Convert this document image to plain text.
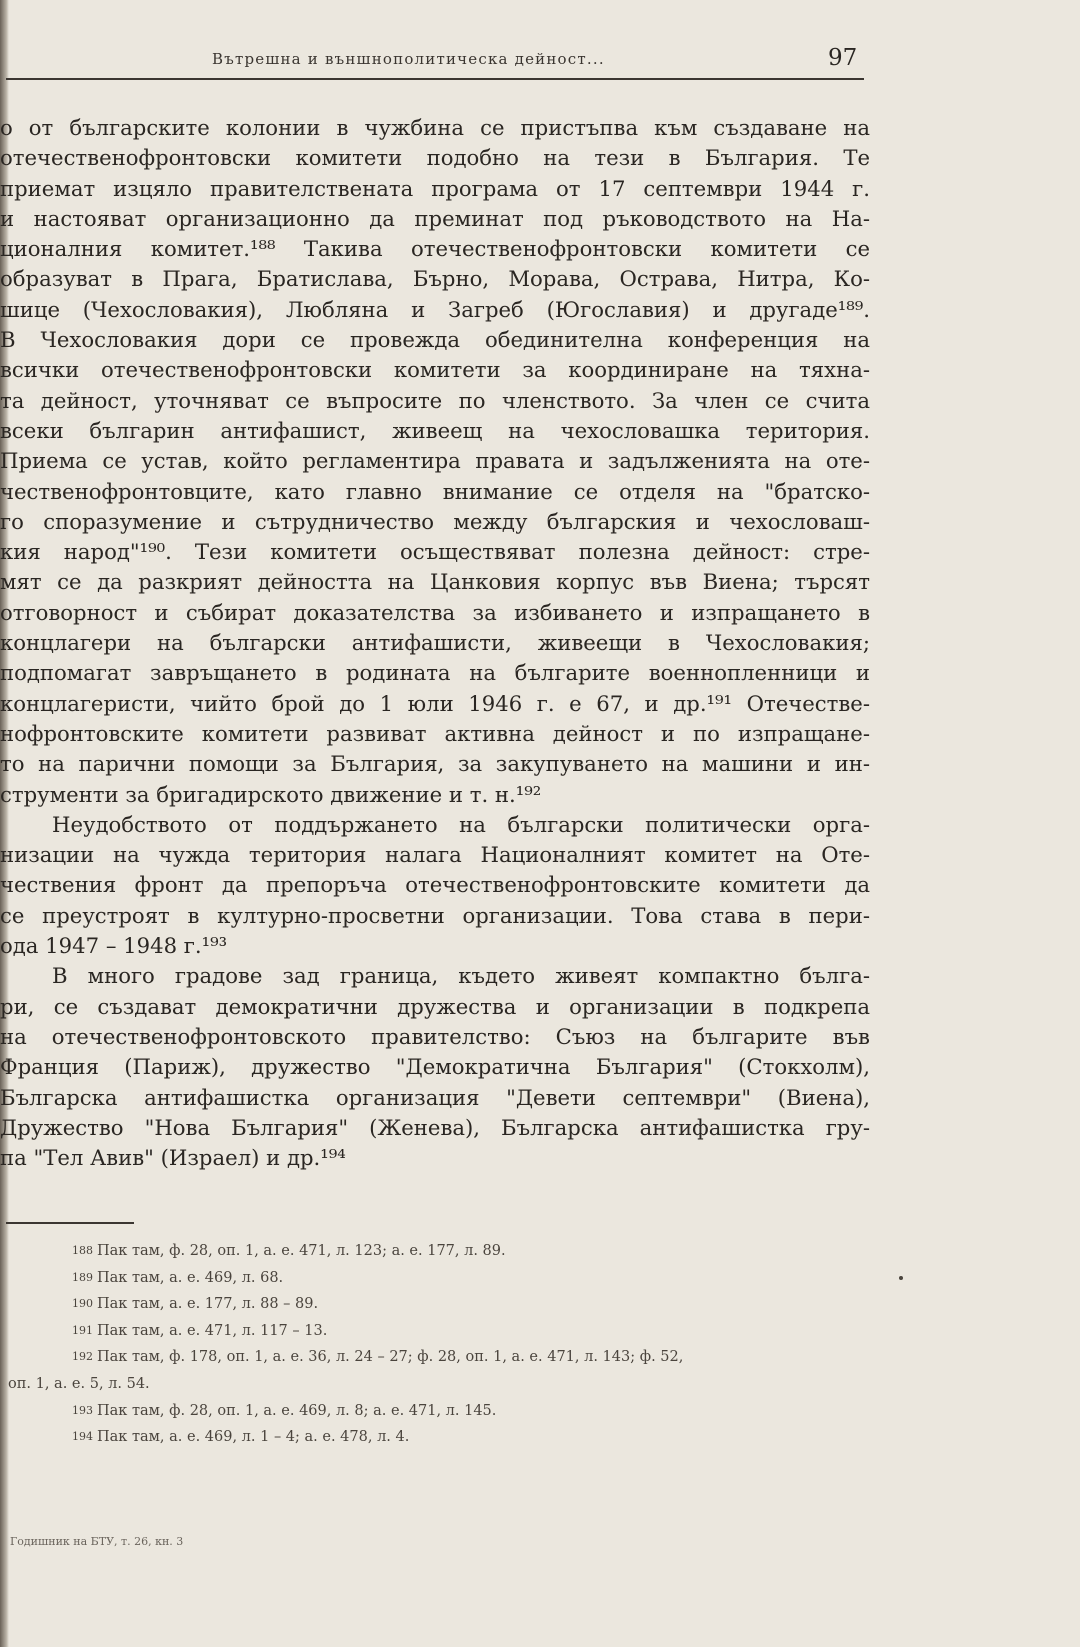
Вътрешна и външнополитическа дейност...	97
о от българските колонии в чужбина се пристъпва към създаване на
отечественофронтовски комитети подобно на тези в България. Те
приемат изцяло правителствената програма от 17 септември 1944 г.
и настояват организационно да преминат под ръководството на На-
ционалния комитет.¹⁸⁸ Такива отечественофронтовски комитети се
образуват в Прага, Братислава, Бърно, Морава, Острава, Нитра, Ко-
шице (Чехословакия), Любляна и Загреб (Югославия) и другаде¹⁸⁹.
В Чехословакия дори се провежда обединителна конференция на
всички отечественофронтовски комитети за координиране на тяхна-
та дейност, уточняват се въпросите по членството. За член се счита
всеки българин антифашист, живеещ на чехословашка територия.
Приема се устав, който регламентира правата и задълженията на оте-
чественофронтовците, като главно внимание се отделя на "братско-
го споразумение и сътрудничество между българския и чехословаш-
кия народ"¹⁹⁰. Тези комитети осъществяват полезна дейност: стре-
мят се да разкрият дейността на Цанковия корпус във Виена; търсят
отговорност и събират доказателства за избиването и изпращането в
концлагери на български антифашисти, живеещи в Чехословакия;
подпомагат завръщането в родината на българите военнопленници и
концлагеристи, чийто брой до 1 юли 1946 г. е 67, и др.¹⁹¹ Отечестве-
нофронтовските комитети развиват активна дейност и по изпращане-
то на парични помощи за България, за закупуването на машини и ин-
струменти за бригадирското движение и т. н.¹⁹²
Неудобството от поддържането на български политически орга-
низации на чужда територия налага Националният комитет на Оте-
чествения фронт да препоръча отечественофронтовските комитети да
се преустроят в културно-просветни организации. Това става в пери-
ода 1947 – 1948 г.¹⁹³
В много градове зад граница, където живеят компактно бълга-
ри, се създават демократични дружества и организации в подкрепа
на отечественофронтовското правителство: Съюз на българите във
Франция (Париж), дружество "Демократична България" (Стокхолм),
Българска антифашистка организация "Девети септември" (Виена),
Дружество "Нова България" (Женева), Българска антифашистка гру-
па "Тел Авив" (Израел) и др.¹⁹⁴
$^{188}$ Пак там, ф. 28, оп. 1, а. е. 471, л. 123; а. е. 177, л. 89.
$^{189}$ Пак там, а. е. 469, л. 68.
$^{190}$ Пак там, а. е. 177, л. 88 – 89.
$^{191}$ Пак там, а. е. 471, л. 117 – 13.
$^{192}$ Пак там, ф. 178, оп. 1, а. е. 36, л. 24 – 27; ф. 28, оп. 1, а. е. 471, л. 143; ф. 52,
оп. 1, а. е. 5, л. 54.
$^{193}$ Пак там, ф. 28, оп. 1, а. е. 469, л. 8; а. е. 471, л. 145.
$^{194}$ Пак там, а. е. 469, л. 1 – 4; а. е. 478, л. 4.
Годишник на БТУ, т. 26, кн. 3
